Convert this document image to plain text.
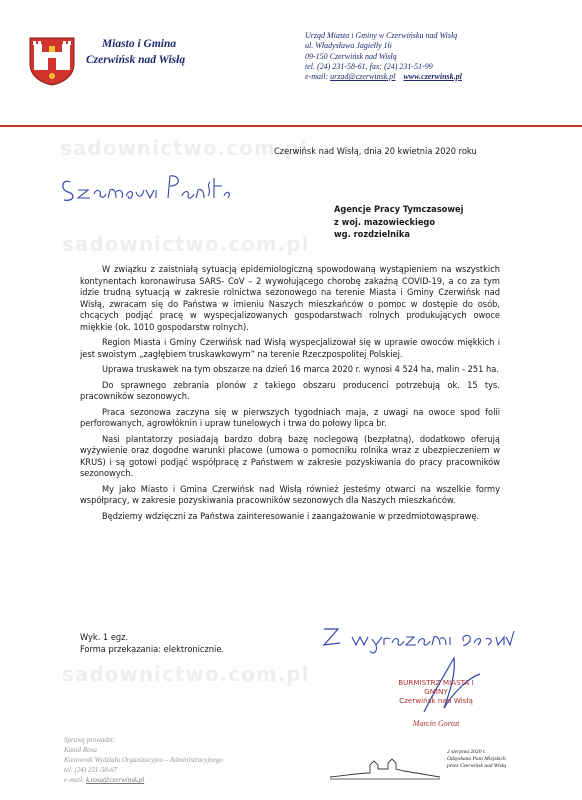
Miasto i Gmina
Czerwińsk nad Wisłą
Urząd Miasta i Gminy w Czerwińsku nad Wisłą
ul. Władysława Jagiełły 16
09-150 Czerwińsk nad Wisłą
tel. (24) 231-58-61, fax: (24) 231-51-99
e-mail: urzad@czerwinsk.pl www.czerwinsk.pl
sadownictwo.com.pl
sadownictwo.com.pl
sadownictwo.com.pl
Czerwińsk nad Wisłą, dnia 20 kwietnia 2020 roku
Agencje Pracy Tymczasowej
z woj. mazowieckiego
wg. rozdzielnika

W związku z zaistniałą sytuacją epidemiologiczną spowodowaną wystąpieniem na wszystkich kontynentach koronawirusa SARS- CoV – 2 wywołującego chorobę zakaźną COVID-19, a co za tym idzie trudną sytuacją w zakresie rolnictwa sezonowego na terenie Miasta i Gminy Czerwińsk nad Wisłą, zwracam się do Państwa w imieniu Naszych mieszkańców o pomoc w dostępie do osób, chcących podjąć pracę w wyspecjalizowanych gospodarstwach rolnych produkujących owoce miękkie (ok. 1010 gospodarstw rolnych).

Region Miasta i Gminy Czerwińsk nad Wisłą wyspecjalizował się w uprawie owoców miękkich i jest swoistym „zagłębiem truskawkowym” na terenie Rzeczpospolitej Polskiej.

Uprawa truskawek na tym obszarze na dzień 16 marca 2020 r. wynosi 4 524 ha, malin - 251 ha.

Do sprawnego zebrania plonów z takiego obszaru producenci potrzebują ok. 15 tys. pracowników sezonowych.

Praca sezonowa zaczyna się w pierwszych tygodniach maja, z uwagi na owoce spod folii perforowanych, agrowłóknin i upraw tunelowych i trwa do połowy lipca br.

Nasi plantatorzy posiadają bardzo dobrą bazę noclegową (bezpłatną), dodatkowo oferują wyżywienie oraz dogodne warunki płacowe (umowa o pomocniku rolnika wraz z ubezpieczeniem w KRUS) i są gotowi podjąć współpracę z Państwem w zakresie pozyskiwania do pracy pracowników sezonowych.

My jako Miasto i Gmina Czerwińsk nad Wisłą również jesteśmy otwarci na wszelkie formy współpracy, w zakresie pozyskiwania pracowników sezonowych dla Naszych mieszkańców.

Będziemy wdzięczni za Państwa zainteresowanie i zaangażowanie w przedmiotowąsprawę.

Wyk. 1 egz.
Forma przekazania: elektronicznie.
BURMISTRZ MIASTA I GMINY
Czerwińsk nad Wisłą
Marcin Gortat
Sprawę prowadzi:
Kamil Rosa
Kierownik Wydziału Organizacyjno – Administracyjnego
tel. (24) 231-58-67
e-mail: k.rosa@czerwinsk.pl
2 sierpnia 2020 r.
Odzyskana Pani Miejskich
przez Czerwińsk nad Wisłą
